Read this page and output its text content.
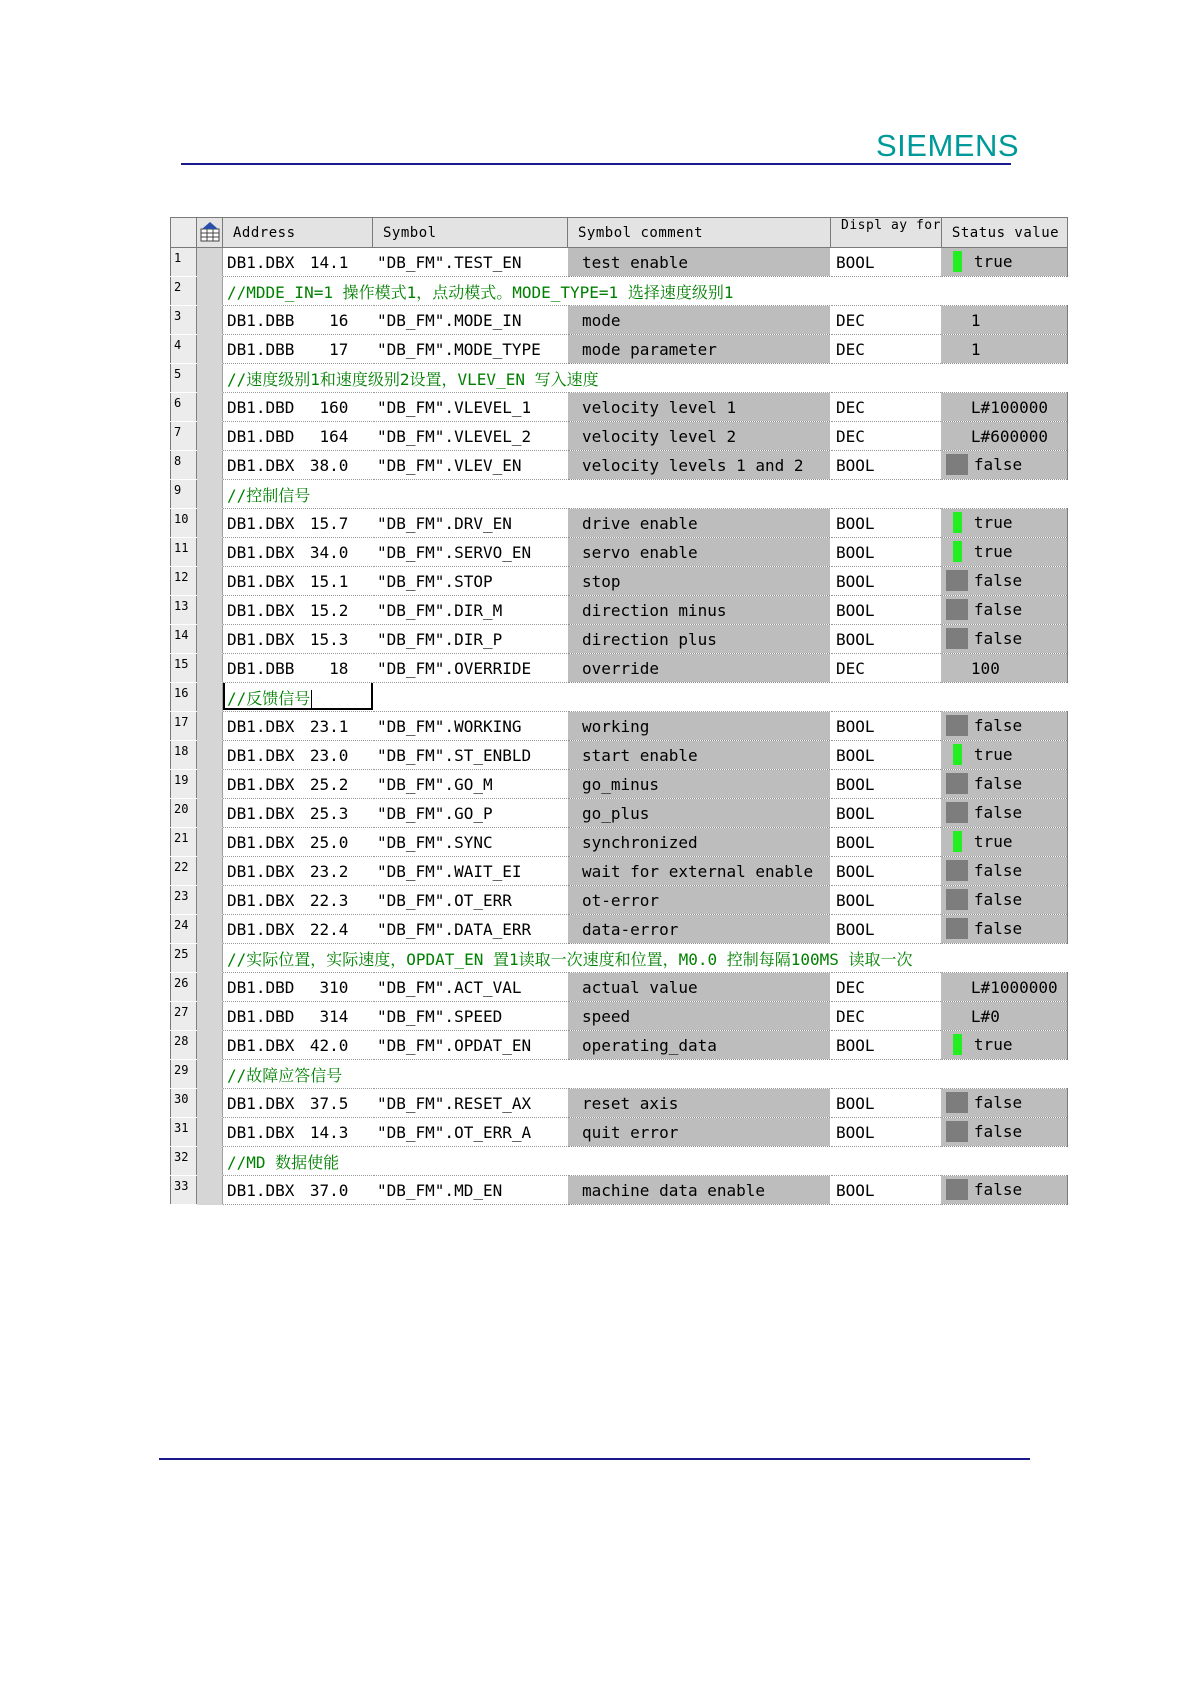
SIEMENS
		Address	Symbol	Symbol comment	Displ ay for	Status value
1		DB1.DBX 14.1	"DB_FM".TEST_EN	test enable	BOOL	true
2		//MDDE_IN=1 操作模式1，点动模式。MODE_TYPE=1 选择速度级别1				
3		DB1.DBB 16	"DB_FM".MODE_IN	mode	DEC	1
4		DB1.DBB 17	"DB_FM".MODE_TYPE	mode parameter	DEC	1
5		//速度级别1和速度级别2设置，VLEV_EN 写入速度				
6		DB1.DBD 160	"DB_FM".VLEVEL_1	velocity level 1	DEC	L#100000
7		DB1.DBD 164	"DB_FM".VLEVEL_2	velocity level 2	DEC	L#600000
8		DB1.DBX 38.0	"DB_FM".VLEV_EN	velocity levels 1 and 2	BOOL	false
9		//控制信号				
10		DB1.DBX 15.7	"DB_FM".DRV_EN	drive enable	BOOL	true
11		DB1.DBX 34.0	"DB_FM".SERVO_EN	servo enable	BOOL	true
12		DB1.DBX 15.1	"DB_FM".STOP	stop	BOOL	false
13		DB1.DBX 15.2	"DB_FM".DIR_M	direction minus	BOOL	false
14		DB1.DBX 15.3	"DB_FM".DIR_P	direction plus	BOOL	false
15		DB1.DBB 18	"DB_FM".OVERRIDE	override	DEC	100
16		//反馈信号				

17		DB1.DBX 23.1	"DB_FM".WORKING	working	BOOL	false
18		DB1.DBX 23.0	"DB_FM".ST_ENBLD	start enable	BOOL	true
19		DB1.DBX 25.2	"DB_FM".GO_M	go_minus	BOOL	false
20		DB1.DBX 25.3	"DB_FM".GO_P	go_plus	BOOL	false
21		DB1.DBX 25.0	"DB_FM".SYNC	synchronized	BOOL	true
22		DB1.DBX 23.2	"DB_FM".WAIT_EI	wait for external enable	BOOL	false
23		DB1.DBX 22.3	"DB_FM".OT_ERR	ot-error	BOOL	false
24		DB1.DBX 22.4	"DB_FM".DATA_ERR	data-error	BOOL	false
25		//实际位置，实际速度，OPDAT_EN 置1读取一次速度和位置，M0.0 控制每隔100MS 读取一次				
26		DB1.DBD 310	"DB_FM".ACT_VAL	actual value	DEC	L#1000000
27		DB1.DBD 314	"DB_FM".SPEED	speed	DEC	L#0
28		DB1.DBX 42.0	"DB_FM".OPDAT_EN	operating_data	BOOL	true
29		//故障应答信号				
30		DB1.DBX 37.5	"DB_FM".RESET_AX	reset axis	BOOL	false
31		DB1.DBX 14.3	"DB_FM".OT_ERR_A	quit error	BOOL	false
32		//MD 数据使能				
33		DB1.DBX 37.0	"DB_FM".MD_EN	machine data enable	BOOL	false
